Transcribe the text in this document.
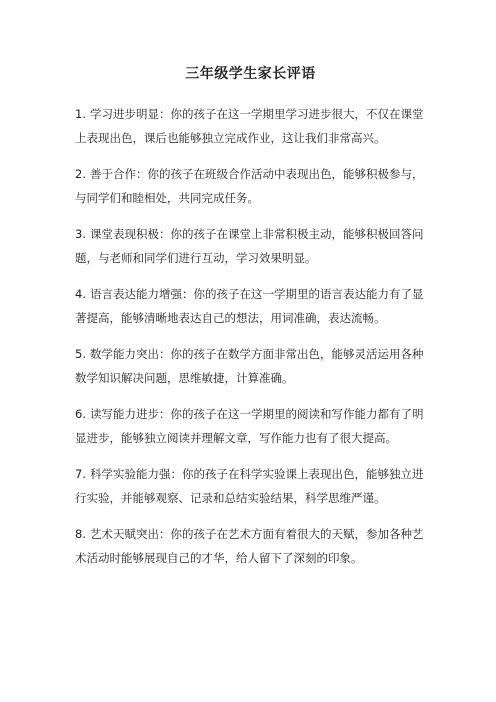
三年级学生家长评语
1. 学习进步明显：你的孩子在这一学期里学习进步很大，不仅在课堂上表现出色，课后也能够独立完成作业，这让我们非常高兴。
2. 善于合作：你的孩子在班级合作活动中表现出色，能够积极参与，与同学们和睦相处，共同完成任务。
3. 课堂表现积极：你的孩子在课堂上非常积极主动，能够积极回答问题，与老师和同学们进行互动，学习效果明显。
4. 语言表达能力增强：你的孩子在这一学期里的语言表达能力有了显著提高，能够清晰地表达自己的想法，用词准确，表达流畅。
5. 数学能力突出：你的孩子在数学方面非常出色，能够灵活运用各种数学知识解决问题，思维敏捷，计算准确。
6. 读写能力进步：你的孩子在这一学期里的阅读和写作能力都有了明显进步，能够独立阅读并理解文章，写作能力也有了很大提高。
7. 科学实验能力强：你的孩子在科学实验课上表现出色，能够独立进行实验，并能够观察、记录和总结实验结果，科学思维严谨。
8. 艺术天赋突出：你的孩子在艺术方面有着很大的天赋，参加各种艺术活动时能够展现自己的才华，给人留下了深刻的印象。
